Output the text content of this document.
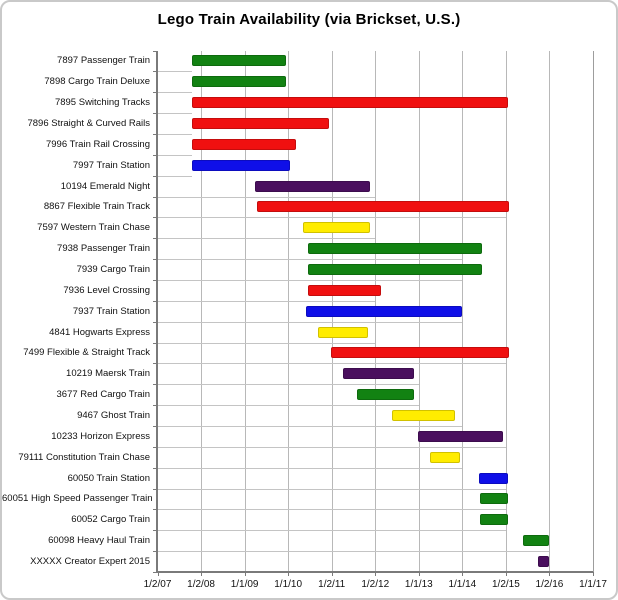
Lego Train Availability (via Brickset, U.S.)
1/2/07 1/2/08 1/1/09 1/1/10 1/2/11 1/2/12 1/1/13 1/1/14 1/2/15 1/2/16 1/1/17
7897 Passenger Train
7898 Cargo Train Deluxe
7895 Switching Tracks
7896 Straight & Curved Rails
7996 Train Rail Crossing
7997 Train Station
10194 Emerald Night
8867 Flexible Train Track
7597 Western Train Chase
7938 Passenger Train
7939 Cargo Train
7936 Level Crossing
7937 Train Station
4841 Hogwarts Express
7499 Flexible & Straight Track
10219 Maersk Train
3677 Red Cargo Train
9467 Ghost Train
10233 Horizon Express
79111 Constitution Train Chase
60050 Train Station
60051 High Speed Passenger Train
60052 Cargo Train
60098 Heavy Haul Train
XXXXX Creator Expert 2015
